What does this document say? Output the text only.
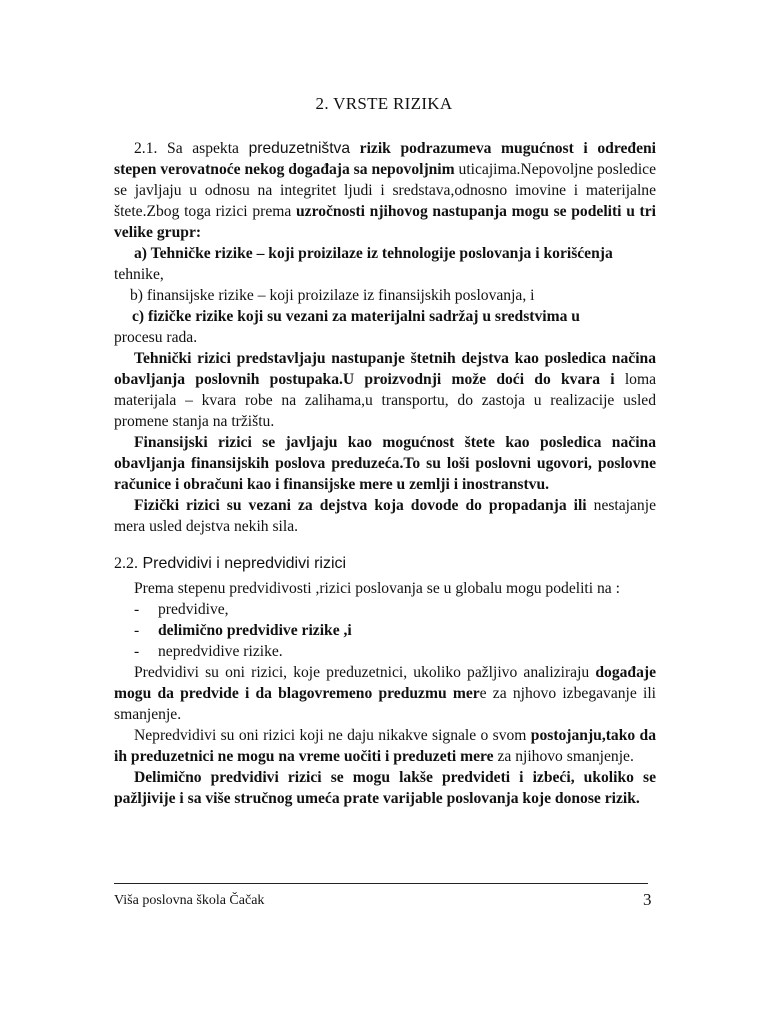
2. VRSTE RIZIKA

2.1. Sa aspekta preduzetništva rizik podrazumeva mugućnost i određeni stepen verovatnoće nekog događaja sa nepovoljnim uticajima.Nepovoljne posledice se javljaju u odnosu na integritet ljudi i sredstava,odnosno imovine i materijalne štete.Zbog toga rizici prema uzročnosti njihovog nastupanja mogu se podeliti u tri velike grupr:

a) Tehničke rizike – koji proizilaze iz tehnologije poslovanja i korišćenja

tehnike,

b) finansijske rizike – koji proizilaze iz finansijskih poslovanja, i

c) fizičke rizike koji su vezani za materijalni sadržaj u sredstvima u

procesu rada.

Tehnički rizici predstavljaju nastupanje štetnih dejstva kao posledica načina obavljanja poslovnih postupaka.U proizvodnji može doći do kvara i loma materijala – kvara robe na zalihama,u transportu, do zastoja u realizacije usled promene stanja na tržištu.

Finansijski rizici se javljaju kao mogućnost štete kao posledica načina obavljanja finansijskih poslova preduzeća.To su loši poslovni ugovori, poslovne računice i obračuni kao i finansijske mere u zemlji i inostranstvu.

Fizički rizici su vezani za dejstva koja dovode do propadanja ili nestajanje mera usled dejstva nekih sila.

2.2. Predvidivi i nepredvidivi rizici

Prema stepenu predvidivosti ,rizici poslovanja se u globalu mogu podeliti na :

- predvidive,
- delimično predvidive rizike ,i
- nepredvidive rizike.

Predvidivi su oni rizici, koje preduzetnici, ukoliko pažljivo analiziraju događaje mogu da predvide i da blagovremeno preduzmu mere za njhovo izbegavanje ili smanjenje.

Nepredvidivi su oni rizici koji ne daju nikakve signale o svom postojanju,tako da ih preduzetnici ne mogu na vreme uočiti i preduzeti mere za njihovo smanjenje.

Delimično predvidivi rizici se mogu lakše predvideti i izbeći, ukoliko se pažljivije i sa više stručnog umeća prate varijable poslovanja koje donose rizik.

Viša poslovna škola Čačak	3
